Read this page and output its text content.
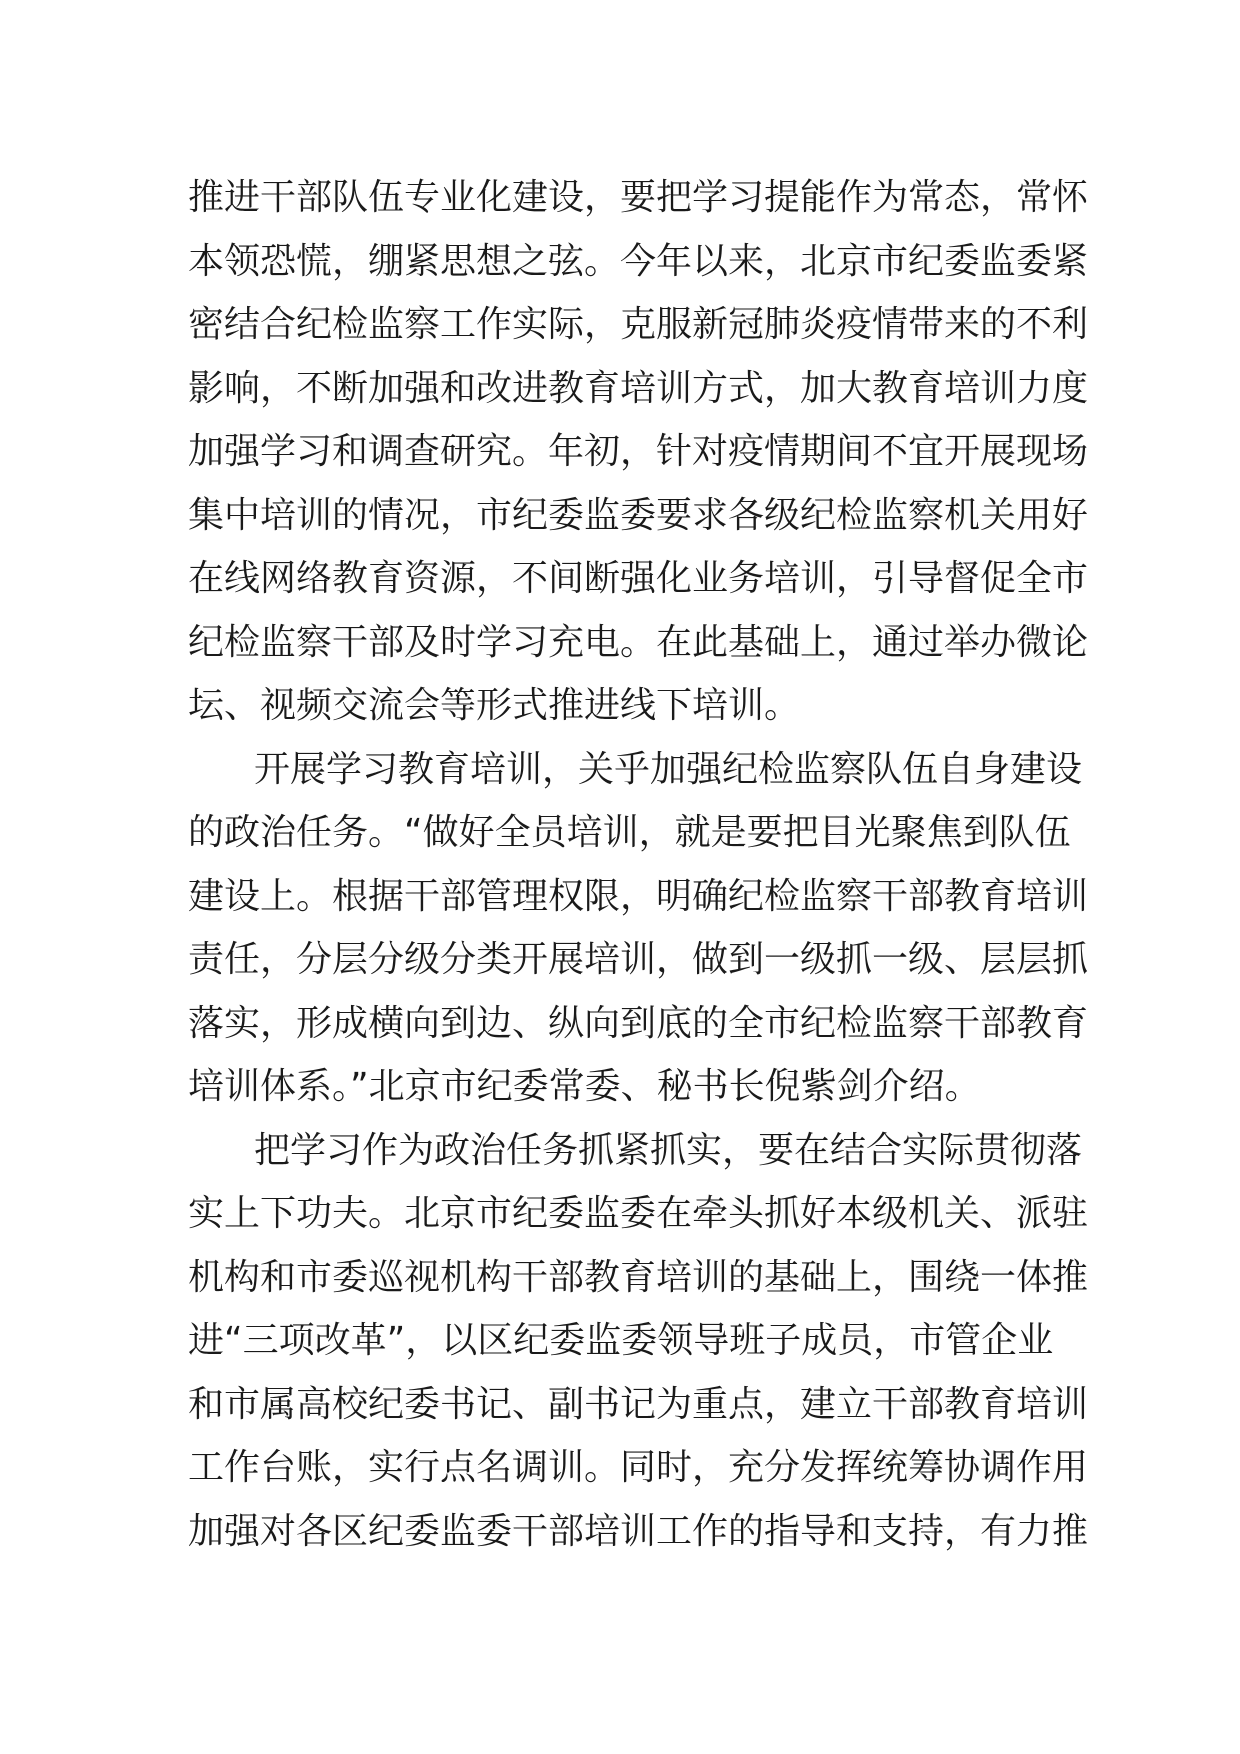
推进干部队伍专业化建设，要把学习提能作为常态，常怀
本领恐慌，绷紧思想之弦。今年以来，北京市纪委监委紧
密结合纪检监察工作实际，克服新冠肺炎疫情带来的不利
影响，不断加强和改进教育培训方式，加大教育培训力度
加强学习和调查研究。年初，针对疫情期间不宜开展现场
集中培训的情况，市纪委监委要求各级纪检监察机关用好
在线网络教育资源，不间断强化业务培训，引导督促全市
纪检监察干部及时学习充电。在此基础上，通过举办微论
坛、视频交流会等形式推进线下培训。
开展学习教育培训，关乎加强纪检监察队伍自身建设
的政治任务。“做好全员培训，就是要把目光聚焦到队伍
建设上。根据干部管理权限，明确纪检监察干部教育培训
责任，分层分级分类开展培训，做到一级抓一级、层层抓
落实，形成横向到边、纵向到底的全市纪检监察干部教育
培训体系。”北京市纪委常委、秘书长倪紫剑介绍。
把学习作为政治任务抓紧抓实，要在结合实际贯彻落
实上下功夫。北京市纪委监委在牵头抓好本级机关、派驻
机构和市委巡视机构干部教育培训的基础上，围绕一体推
进“三项改革”，以区纪委监委领导班子成员，市管企业
和市属高校纪委书记、副书记为重点，建立干部教育培训
工作台账，实行点名调训。同时，充分发挥统筹协调作用
加强对各区纪委监委干部培训工作的指导和支持，有力推
